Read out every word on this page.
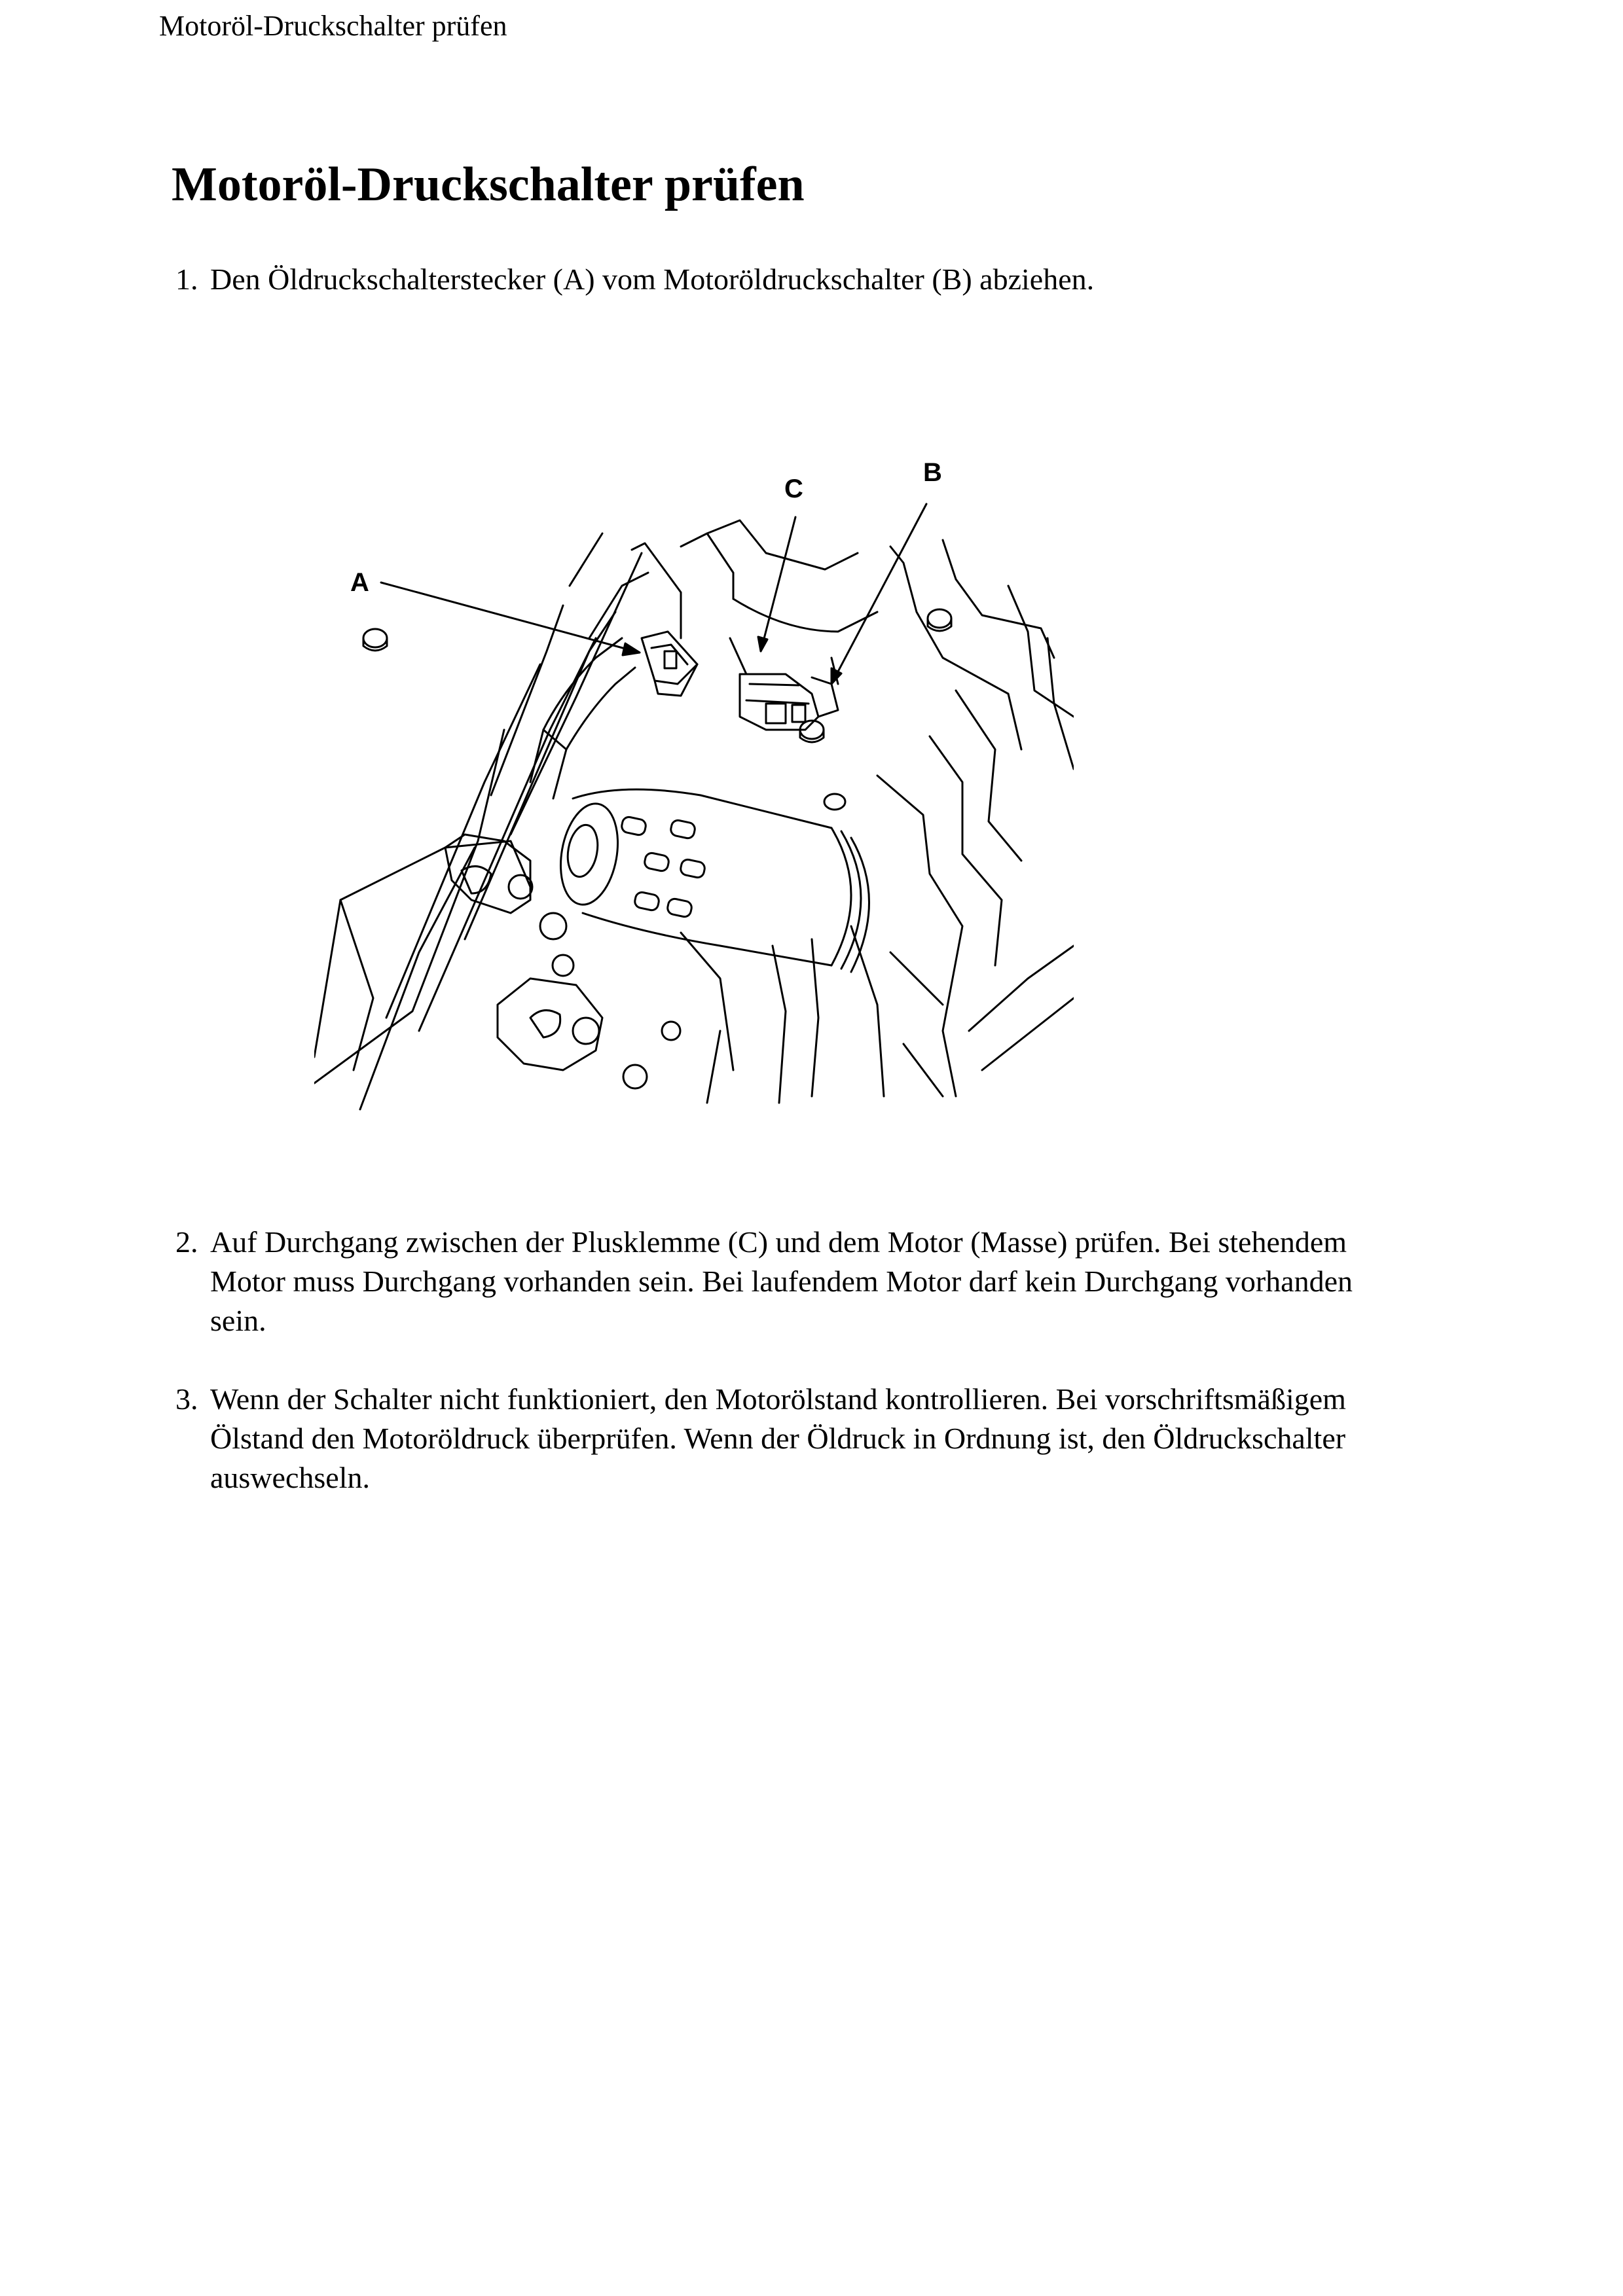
Motoröl-Druckschalter prüfen
Motoröl-Druckschalter prüfen
1. Den Öldruckschalterstecker (A) vom Motoröldruckschalter (B) abziehen.
C
B
A
2. Auf Durchgang zwischen der Plusklemme (C) und dem Motor (Masse) prüfen. Bei stehendem
Motor muss Durchgang vorhanden sein. Bei laufendem Motor darf kein Durchgang vorhanden
sein.
3. Wenn der Schalter nicht funktioniert, den Motorölstand kontrollieren. Bei vorschriftsmäßigem
Ölstand den Motoröldruck überprüfen. Wenn der Öldruck in Ordnung ist, den Öldruckschalter
auswechseln.
